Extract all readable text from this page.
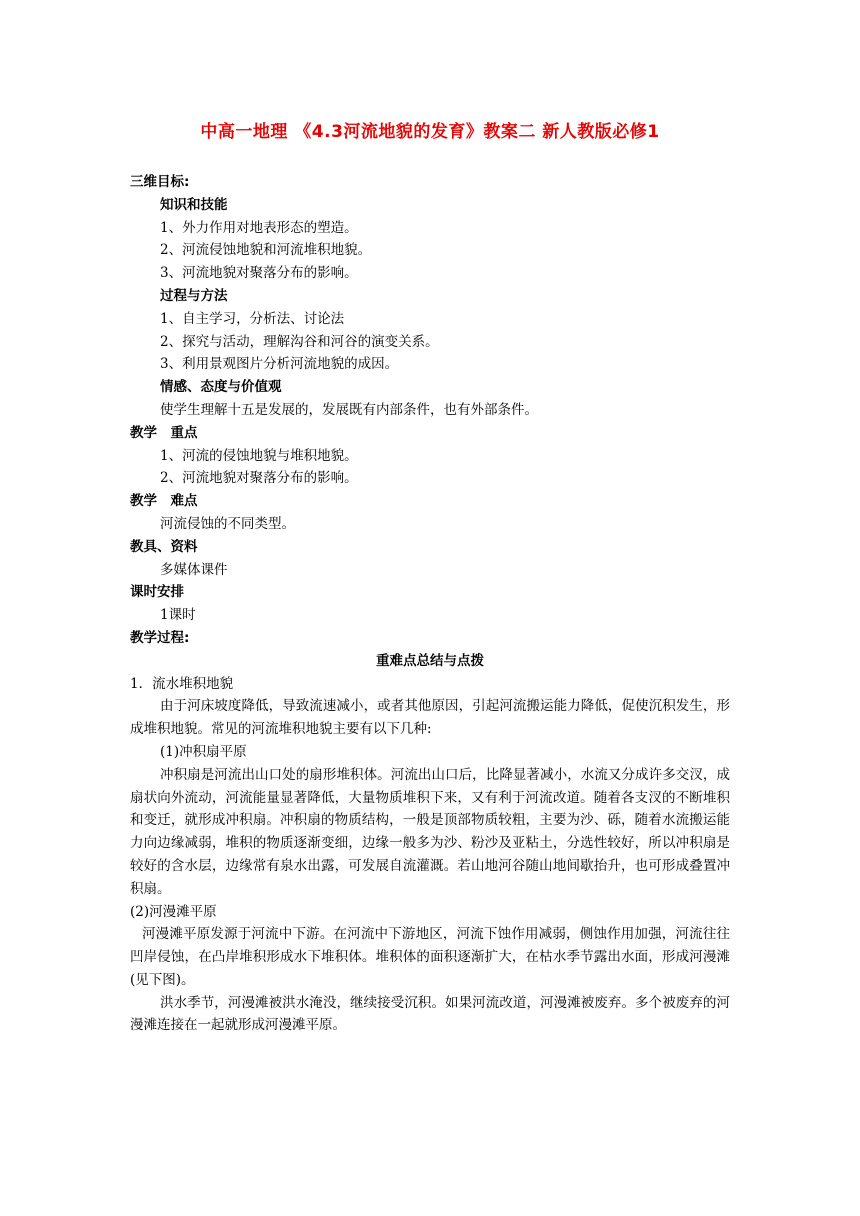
中高一地理 《4.3河流地貌的发育》教案二 新人教版必修1

三维目标:

知识和技能

1、外力作用对地表形态的塑造。

2、河流侵蚀地貌和河流堆积地貌。

3、河流地貌对聚落分布的影响。

过程与方法

1、自主学习，分析法、讨论法

2、探究与活动，理解沟谷和河谷的演变关系。

3、利用景观图片分析河流地貌的成因。

情感、态度与价值观

使学生理解十五是发展的，发展既有内部条件，也有外部条件。

教学　重点

1、河流的侵蚀地貌与堆积地貌。

2、河流地貌对聚落分布的影响。

教学　难点

河流侵蚀的不同类型。

教具、资料

多媒体课件

课时安排

1课时

教学过程:

重难点总结与点拨

1．流水堆积地貌

由于河床坡度降低，导致流速减小，或者其他原因，引起河流搬运能力降低，促使沉积发生，形成堆积地貌。常见的河流堆积地貌主要有以下几种:

(1)冲积扇平原

冲积扇是河流出山口处的扇形堆积体。河流出山口后，比降显著减小，水流又分成许多交汊，成扇状向外流动，河流能量显著降低，大量物质堆积下来，又有利于河流改道。随着各支汊的不断堆积和变迁，就形成冲积扇。冲积扇的物质结构，一般是顶部物质较粗，主要为沙、砾，随着水流搬运能力向边缘减弱，堆积的物质逐渐变细，边缘一般多为沙、粉沙及亚粘土，分选性较好，所以冲积扇是较好的含水层，边缘常有泉水出露，可发展自流灌溉。若山地河谷随山地间歇抬升，也可形成叠置冲积扇。

(2)河漫滩平原

河漫滩平原发源于河流中下游。在河流中下游地区，河流下蚀作用减弱，侧蚀作用加强，河流往往凹岸侵蚀，在凸岸堆积形成水下堆积体。堆积体的面积逐渐扩大，在枯水季节露出水面，形成河漫滩(见下图)。

洪水季节，河漫滩被洪水淹没，继续接受沉积。如果河流改道，河漫滩被废弃。多个被废弃的河漫滩连接在一起就形成河漫滩平原。
